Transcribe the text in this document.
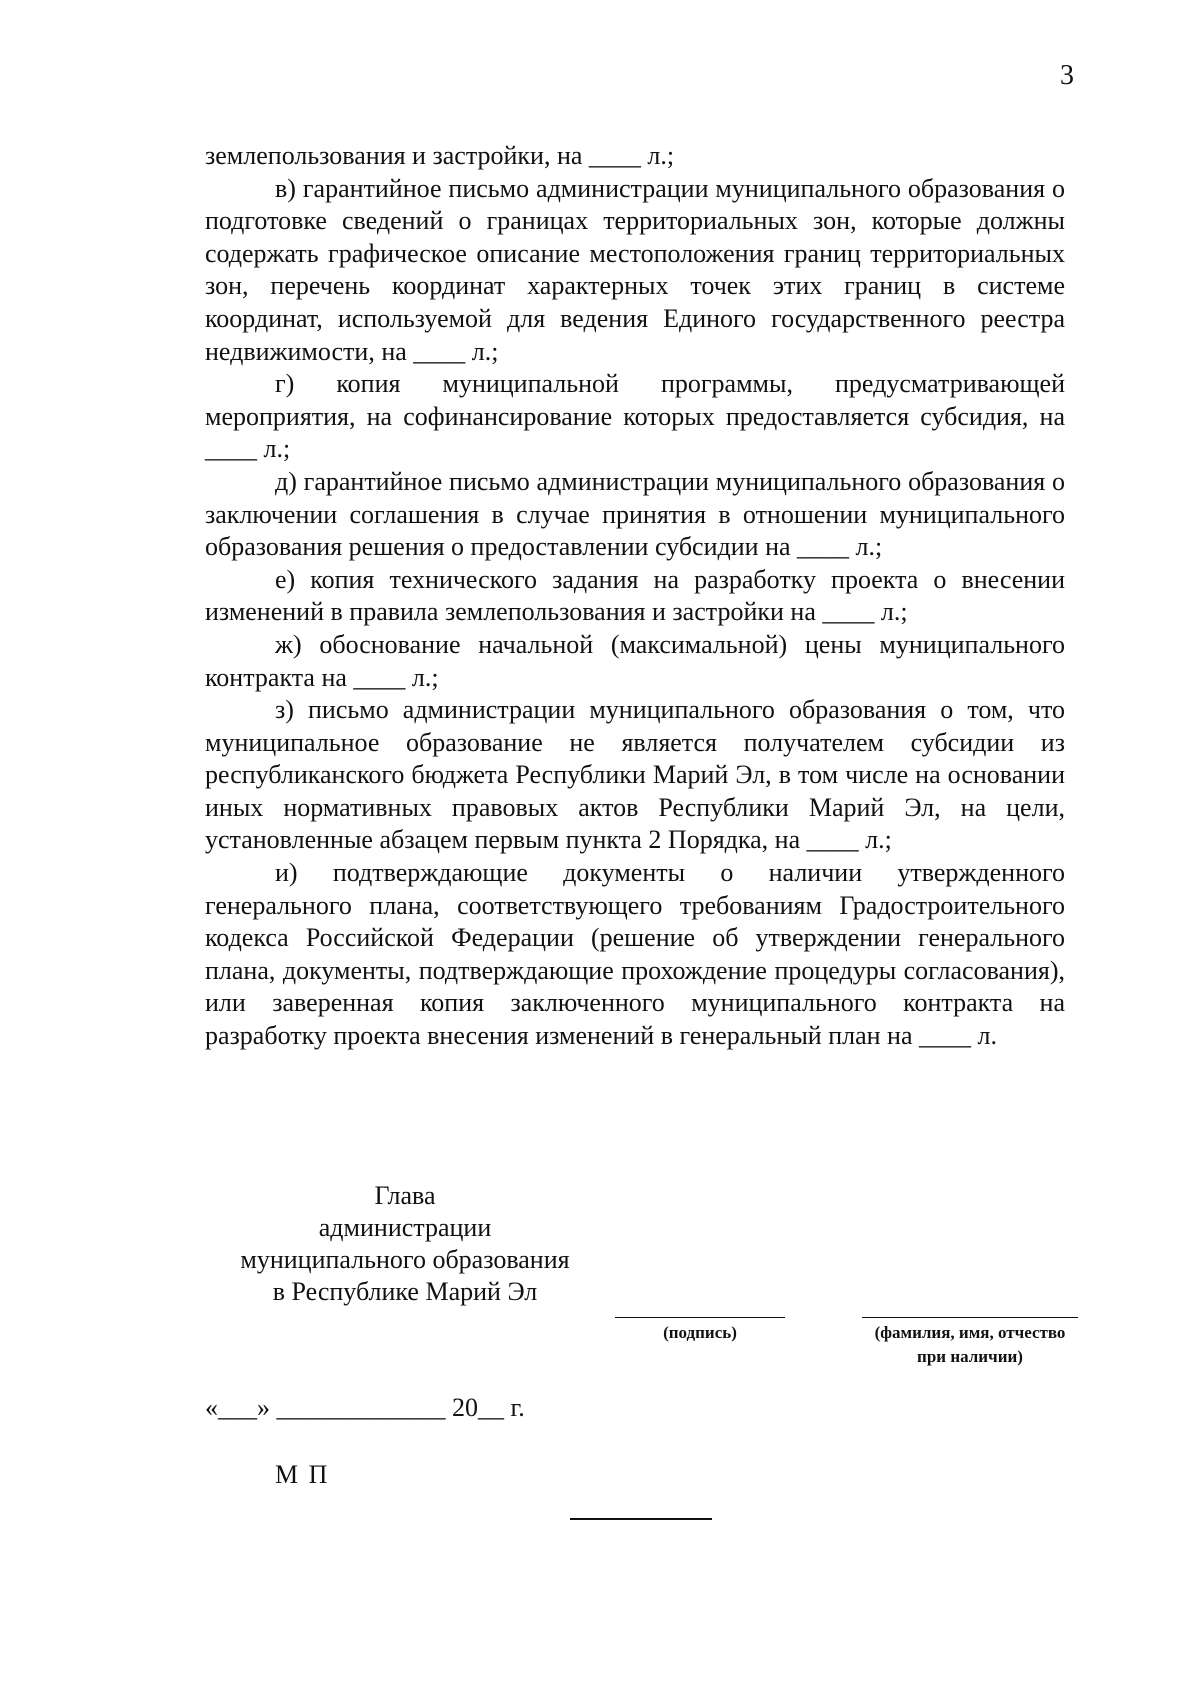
3

землепользования и застройки, на ____ л.;

в) гарантийное письмо администрации муниципального образования о подготовке сведений о границах территориальных зон, которые должны содержать графическое описание местоположения границ территориальных зон, перечень координат характерных точек этих границ в системе координат, используемой для ведения Единого государственного реестра недвижимости, на ____ л.;

г) копия муниципальной программы, предусматривающей мероприятия, на софинансирование которых предоставляется субсидия, на ____ л.;

д) гарантийное письмо администрации муниципального образования о заключении соглашения в случае принятия в отношении муниципального образования решения о предоставлении субсидии на ____ л.;

е) копия технического задания на разработку проекта о внесении изменений в правила землепользования и застройки на ____ л.;

ж) обоснование начальной (максимальной) цены муниципального контракта на ____ л.;

з) письмо администрации муниципального образования о том, что муниципальное образование не является получателем субсидии из республиканского бюджета Республики Марий Эл, в том числе на основании иных нормативных правовых актов Республики Марий Эл, на цели, установленные абзацем первым пункта 2 Порядка, на ____ л.;

и) подтверждающие документы о наличии утвержденного генерального плана, соответствующего требованиям Градостроительного кодекса Российской Федерации (решение об утверждении генерального плана, документы, подтверждающие прохождение процедуры согласования), или заверенная копия заключенного муниципального контракта на разработку проекта внесения изменений в генеральный план на ____ л.

Глава
администрации
муниципального образования
в Республике Марий Эл
(подпись)	(фамилия, имя, отчество
при наличии)
«___» _____________ 20__ г.
М П
